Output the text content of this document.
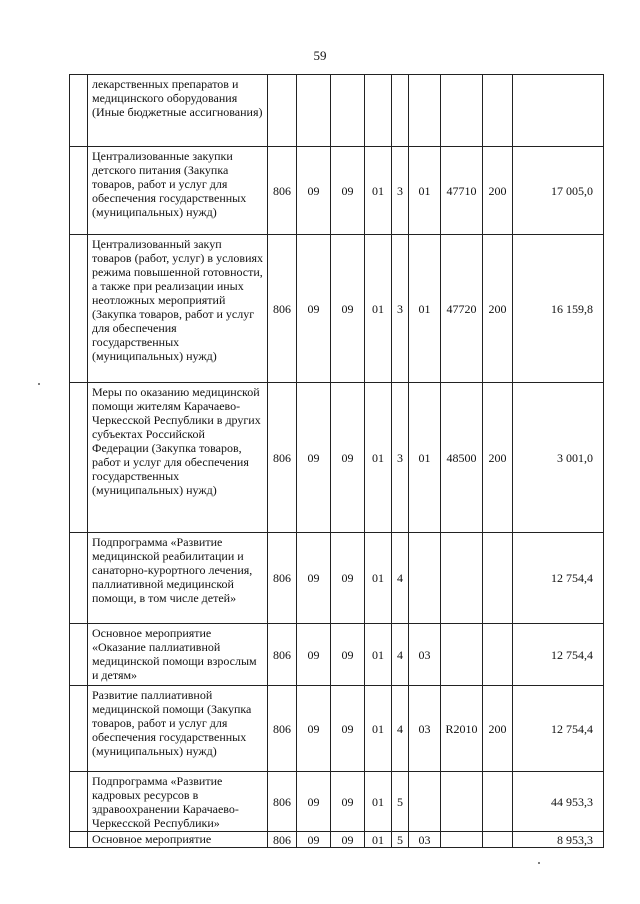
59
	лекарственных препаратов и медицинского оборудования (Иные бюджетные ассигнования)									
	Централизованные закупки детского питания (Закупка товаров, работ и услуг для обеспечения государственных (муниципальных) нужд)	806	09	09	01	3	01	47710	200	17 005,0
	Централизованный закуп товаров (работ, услуг) в условиях режима повышенной готовности, а также при реализации иных неотложных мероприятий (Закупка товаров, работ и услуг для обеспечения государственных (муниципальных) нужд)	806	09	09	01	3	01	47720	200	16 159,8
	Меры по оказанию медицинской помощи жителям Карачаево-Черкесской Республики в других субъектах Российской Федерации (Закупка товаров, работ и услуг для обеспечения государственных (муниципальных) нужд)	806	09	09	01	3	01	48500	200	3 001,0
	Подпрограмма «Развитие медицинской реабилитации и санаторно-курортного лечения, паллиативной медицинской помощи, в том числе детей»	806	09	09	01	4				12 754,4
	Основное мероприятие «Оказание паллиативной медицинской помощи взрослым и детям»	806	09	09	01	4	03			12 754,4
	Развитие паллиативной медицинской помощи (Закупка товаров, работ и услуг для обеспечения государственных (муниципальных) нужд)	806	09	09	01	4	03	R2010	200	12 754,4
	Подпрограмма «Развитие кадровых ресурсов в здравоохранении Карачаево-Черкесской Республики»	806	09	09	01	5				44 953,3
	Основное мероприятие	806	09	09	01	5	03			8 953,3
